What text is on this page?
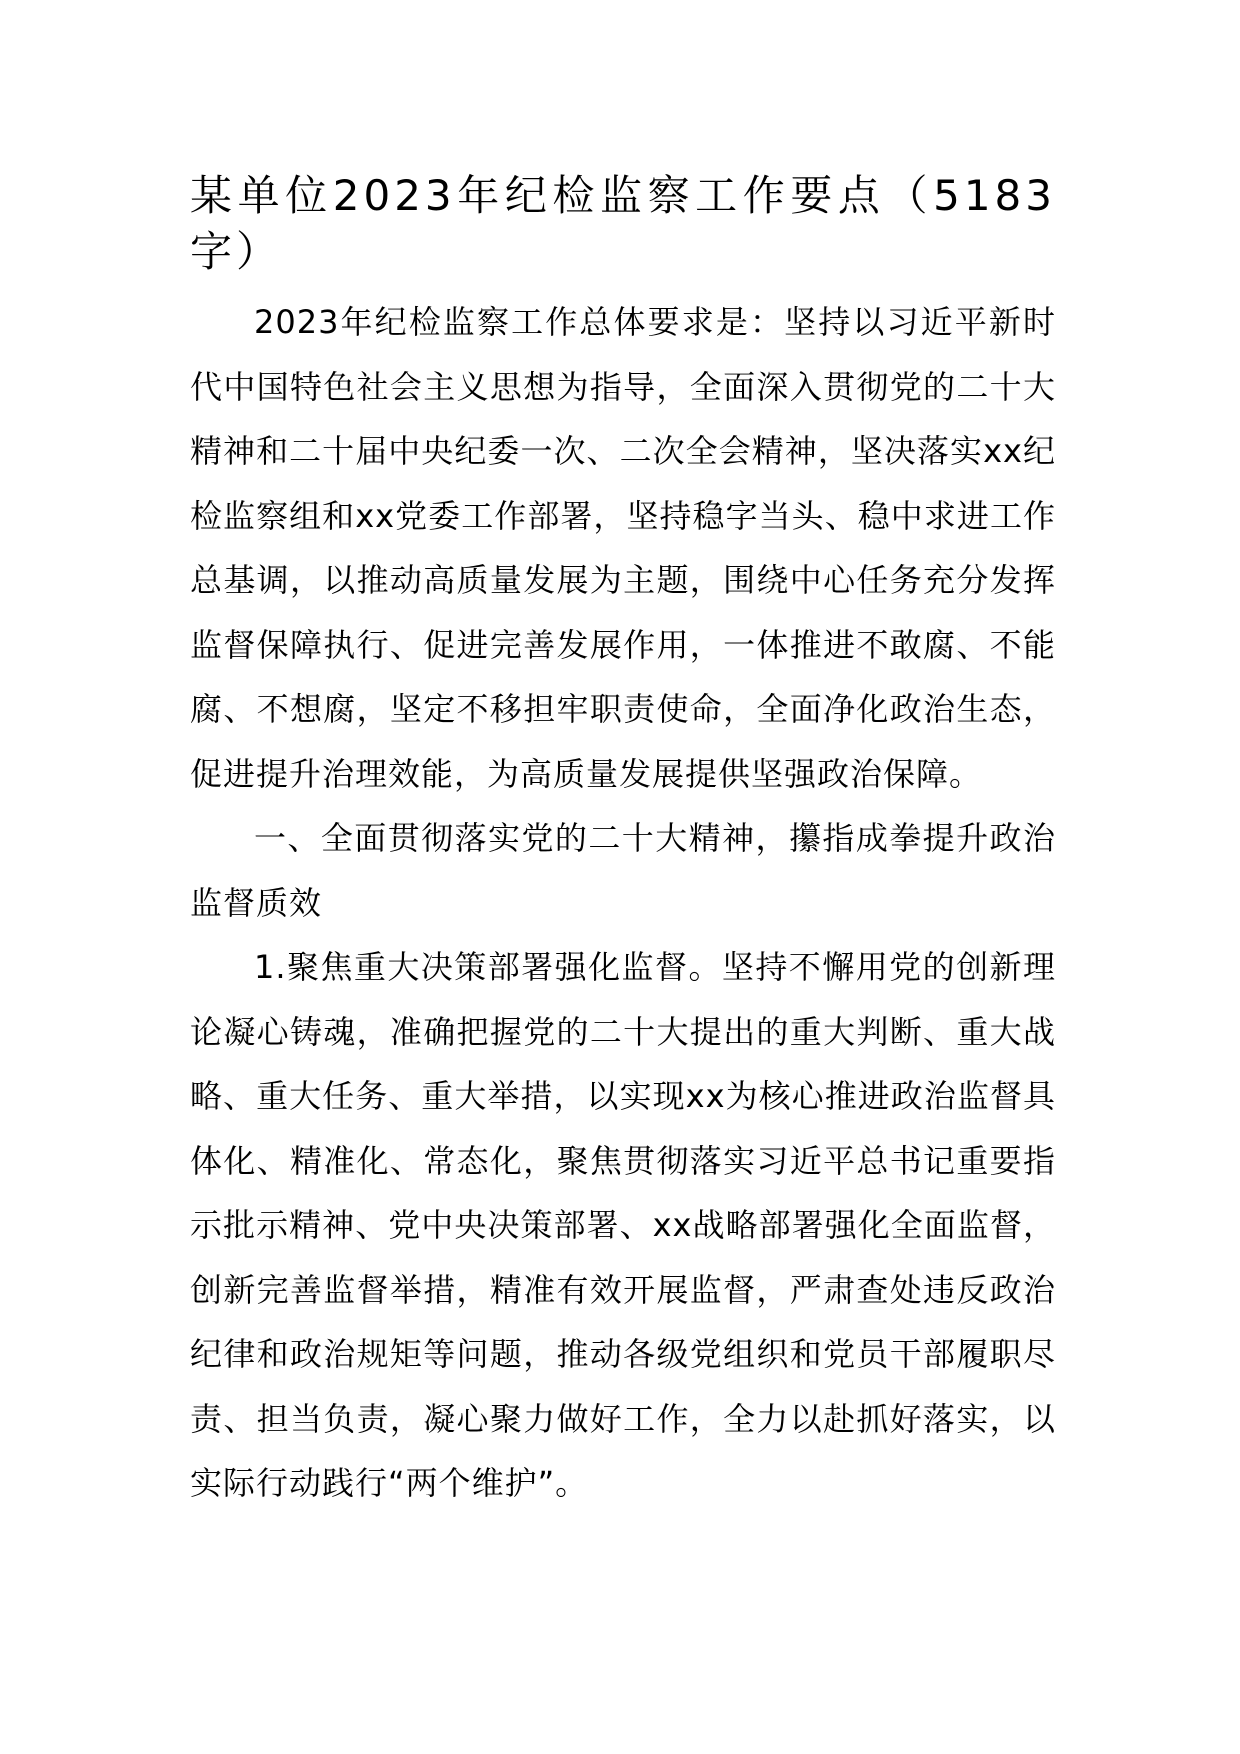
某单位2023年纪检监察工作要点（5183字）

2023年纪检监察工作总体要求是：坚持以习近平新时代中国特色社会主义思想为指导，全面深入贯彻党的二十大精神和二十届中央纪委一次、二次全会精神，坚决落实xx纪检监察组和xx党委工作部署，坚持稳字当头、稳中求进工作总基调，以推动高质量发展为主题，围绕中心任务充分发挥监督保障执行、促进完善发展作用，一体推进不敢腐、不能腐、不想腐，坚定不移担牢职责使命，全面净化政治生态，促进提升治理效能，为高质量发展提供坚强政治保障。

一、全面贯彻落实党的二十大精神，攥指成拳提升政治监督质效

1.聚焦重大决策部署强化监督。坚持不懈用党的创新理论凝心铸魂，准确把握党的二十大提出的重大判断、重大战略、重大任务、重大举措，以实现xx为核心推进政治监督具体化、精准化、常态化，聚焦贯彻落实习近平总书记重要指示批示精神、党中央决策部署、xx战略部署强化全面监督，创新完善监督举措，精准有效开展监督，严肃查处违反政治纪律和政治规矩等问题，推动各级党组织和党员干部履职尽责、担当负责，凝心聚力做好工作，全力以赴抓好落实，以实际行动践行“两个维护”。
